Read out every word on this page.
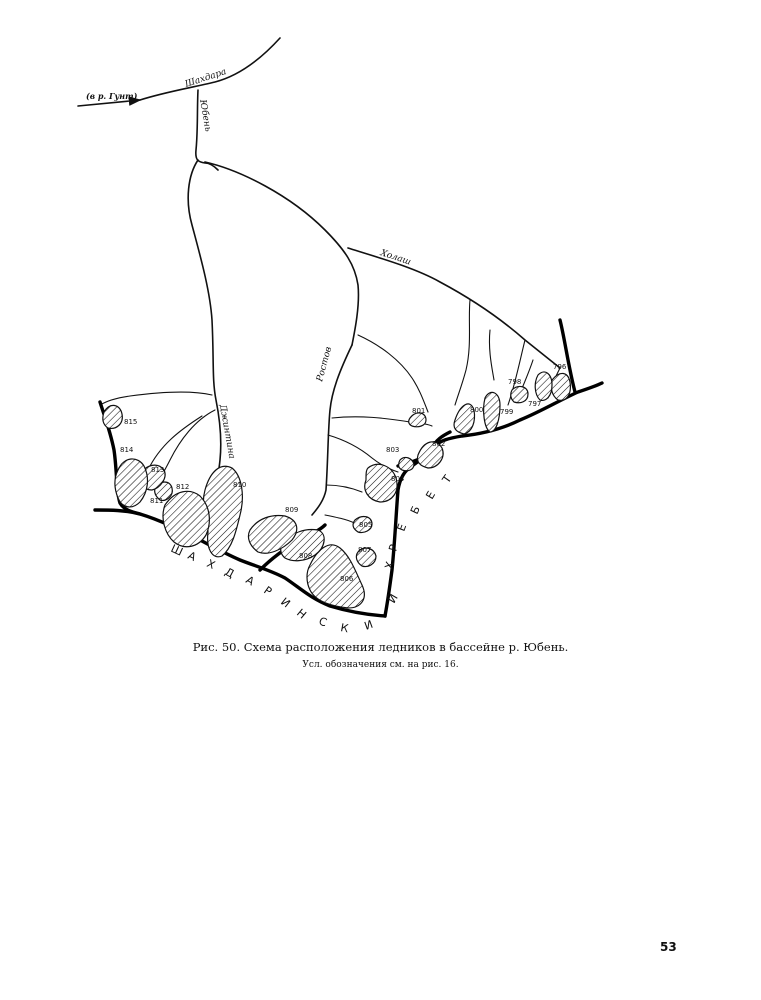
(в р. Гунт)
Шахдара
Юбень
Джинтина
Ростов
Холаш
796
797
798
799
800
801
802
803
804
805
806
807
808
809
810
811
812
813
814
815
Ш А
Х
Д
А
Р
И
Н
С К И
Й
Х
Р
Е
Б
Е
Т
Рис. 50. Схема расположения ледников в бассейне р. Юбень.
Усл. обозначения см. на рис. 16.
53
